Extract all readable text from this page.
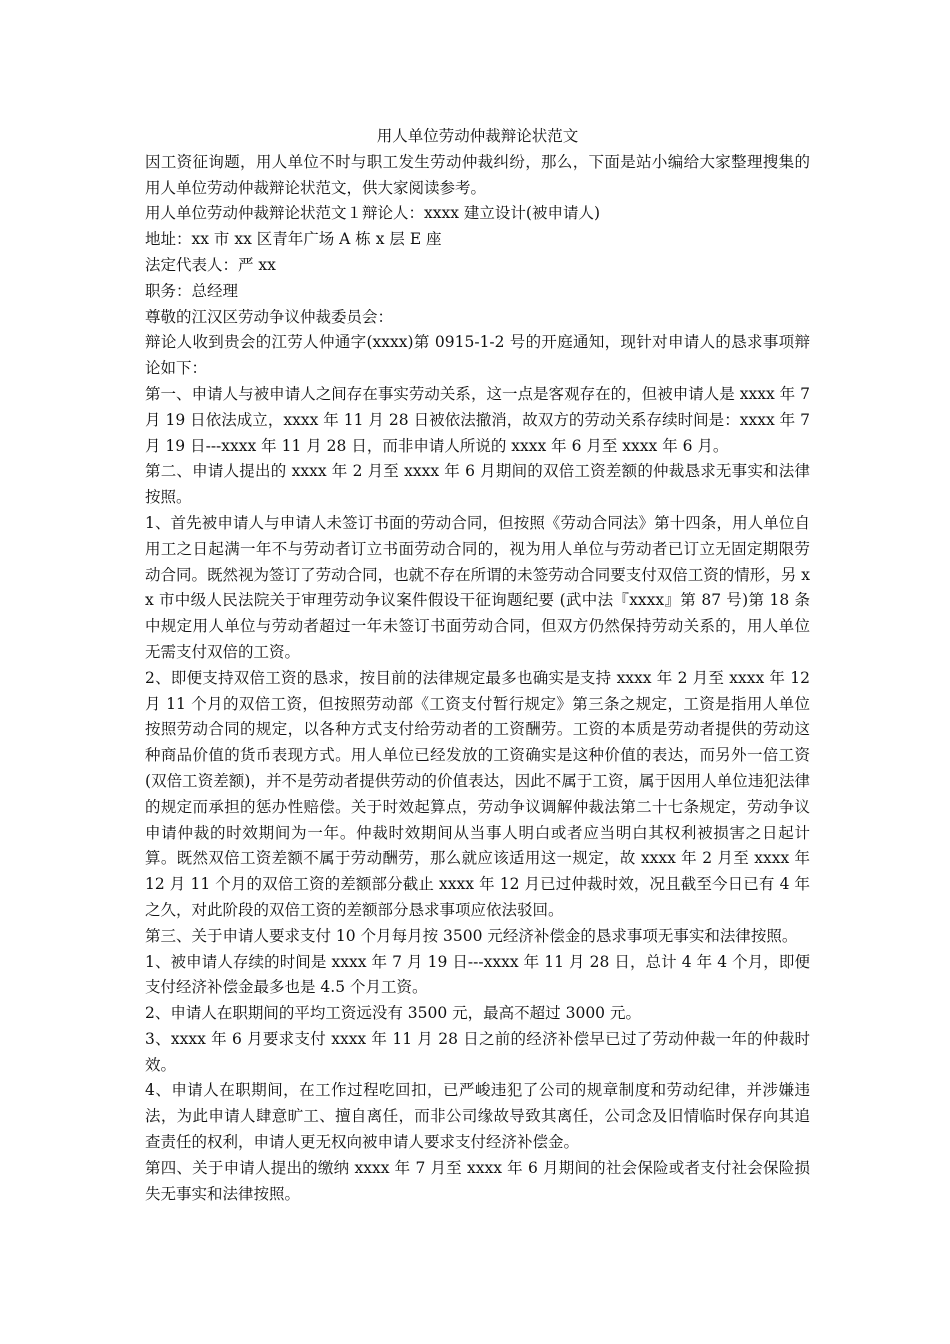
用人单位劳动仲裁辩论状范文

因工资征询题，用人单位不时与职工发生劳动仲裁纠纷，那么，下面是站小编给大家整理搜集的用人单位劳动仲裁辩论状范文，供大家阅读参考。

用人单位劳动仲裁辩论状范文１辩论人：xxxx 建立设计(被申请人)

地址：xx 市 xx 区青年广场 A 栋 x 层 E 座

法定代表人：严 xx

职务：总经理

尊敬的江汉区劳动争议仲裁委员会：

辩论人收到贵会的江劳人仲通字(xxxx)第 0915-1-2 号的开庭通知，现针对申请人的恳求事项辩论如下：

第一、申请人与被申请人之间存在事实劳动关系，这一点是客观存在的，但被申请人是 xxxx 年 7 月 19 日依法成立，xxxx 年 11 月 28 日被依法撤消，故双方的劳动关系存续时间是：xxxx 年 7 月 19 日---xxxx 年 11 月 28 日，而非申请人所说的 xxxx 年 6 月至 xxxx 年 6 月。

第二、申请人提出的 xxxx 年 2 月至 xxxx 年 6 月期间的双倍工资差额的仲裁恳求无事实和法律按照。

1、首先被申请人与申请人未签订书面的劳动合同，但按照《劳动合同法》第十四条，用人单位自用工之日起满一年不与劳动者订立书面劳动合同的，视为用人单位与劳动者已订立无固定期限劳动合同。既然视为签订了劳动合同，也就不存在所谓的未签劳动合同要支付双倍工资的情形，另 xx 市中级人民法院关于审理劳动争议案件假设干征询题纪要 (武中法『xxxx』第 87 号)第 18 条中规定用人单位与劳动者超过一年未签订书面劳动合同，但双方仍然保持劳动关系的，用人单位无需支付双倍的工资。

2、即便支持双倍工资的恳求，按目前的法律规定最多也确实是支持 xxxx 年 2 月至 xxxx 年 12 月 11 个月的双倍工资，但按照劳动部《工资支付暂行规定》第三条之规定，工资是指用人单位按照劳动合同的规定，以各种方式支付给劳动者的工资酬劳。工资的本质是劳动者提供的劳动这种商品价值的货币表现方式。用人单位已经发放的工资确实是这种价值的表达，而另外一倍工资(双倍工资差额)，并不是劳动者提供劳动的价值表达，因此不属于工资，属于因用人单位违犯法律的规定而承担的惩办性赔偿。关于时效起算点，劳动争议调解仲裁法第二十七条规定，劳动争议申请仲裁的时效期间为一年。仲裁时效期间从当事人明白或者应当明白其权利被损害之日起计算。既然双倍工资差额不属于劳动酬劳，那么就应该适用这一规定，故 xxxx 年 2 月至 xxxx 年 12 月 11 个月的双倍工资的差额部分截止 xxxx 年 12 月已过仲裁时效，况且截至今日已有 4 年之久，对此阶段的双倍工资的差额部分恳求事项应依法驳回。

第三、关于申请人要求支付 10 个月每月按 3500 元经济补偿金的恳求事项无事实和法律按照。

1、被申请人存续的时间是 xxxx 年 7 月 19 日---xxxx 年 11 月 28 日，总计 4 年 4 个月，即便支付经济补偿金最多也是 4.5 个月工资。

2、申请人在职期间的平均工资远没有 3500 元，最高不超过 3000 元。

3、xxxx 年 6 月要求支付 xxxx 年 11 月 28 日之前的经济补偿早已过了劳动仲裁一年的仲裁时效。

4、申请人在职期间，在工作过程吃回扣，已严峻违犯了公司的规章制度和劳动纪律，并涉嫌违法，为此申请人肆意旷工、擅自离任，而非公司缘故导致其离任，公司念及旧情临时保存向其追查责任的权利，申请人更无权向被申请人要求支付经济补偿金。

第四、关于申请人提出的缴纳 xxxx 年 7 月至 xxxx 年 6 月期间的社会保险或者支付社会保险损失无事实和法律按照。
